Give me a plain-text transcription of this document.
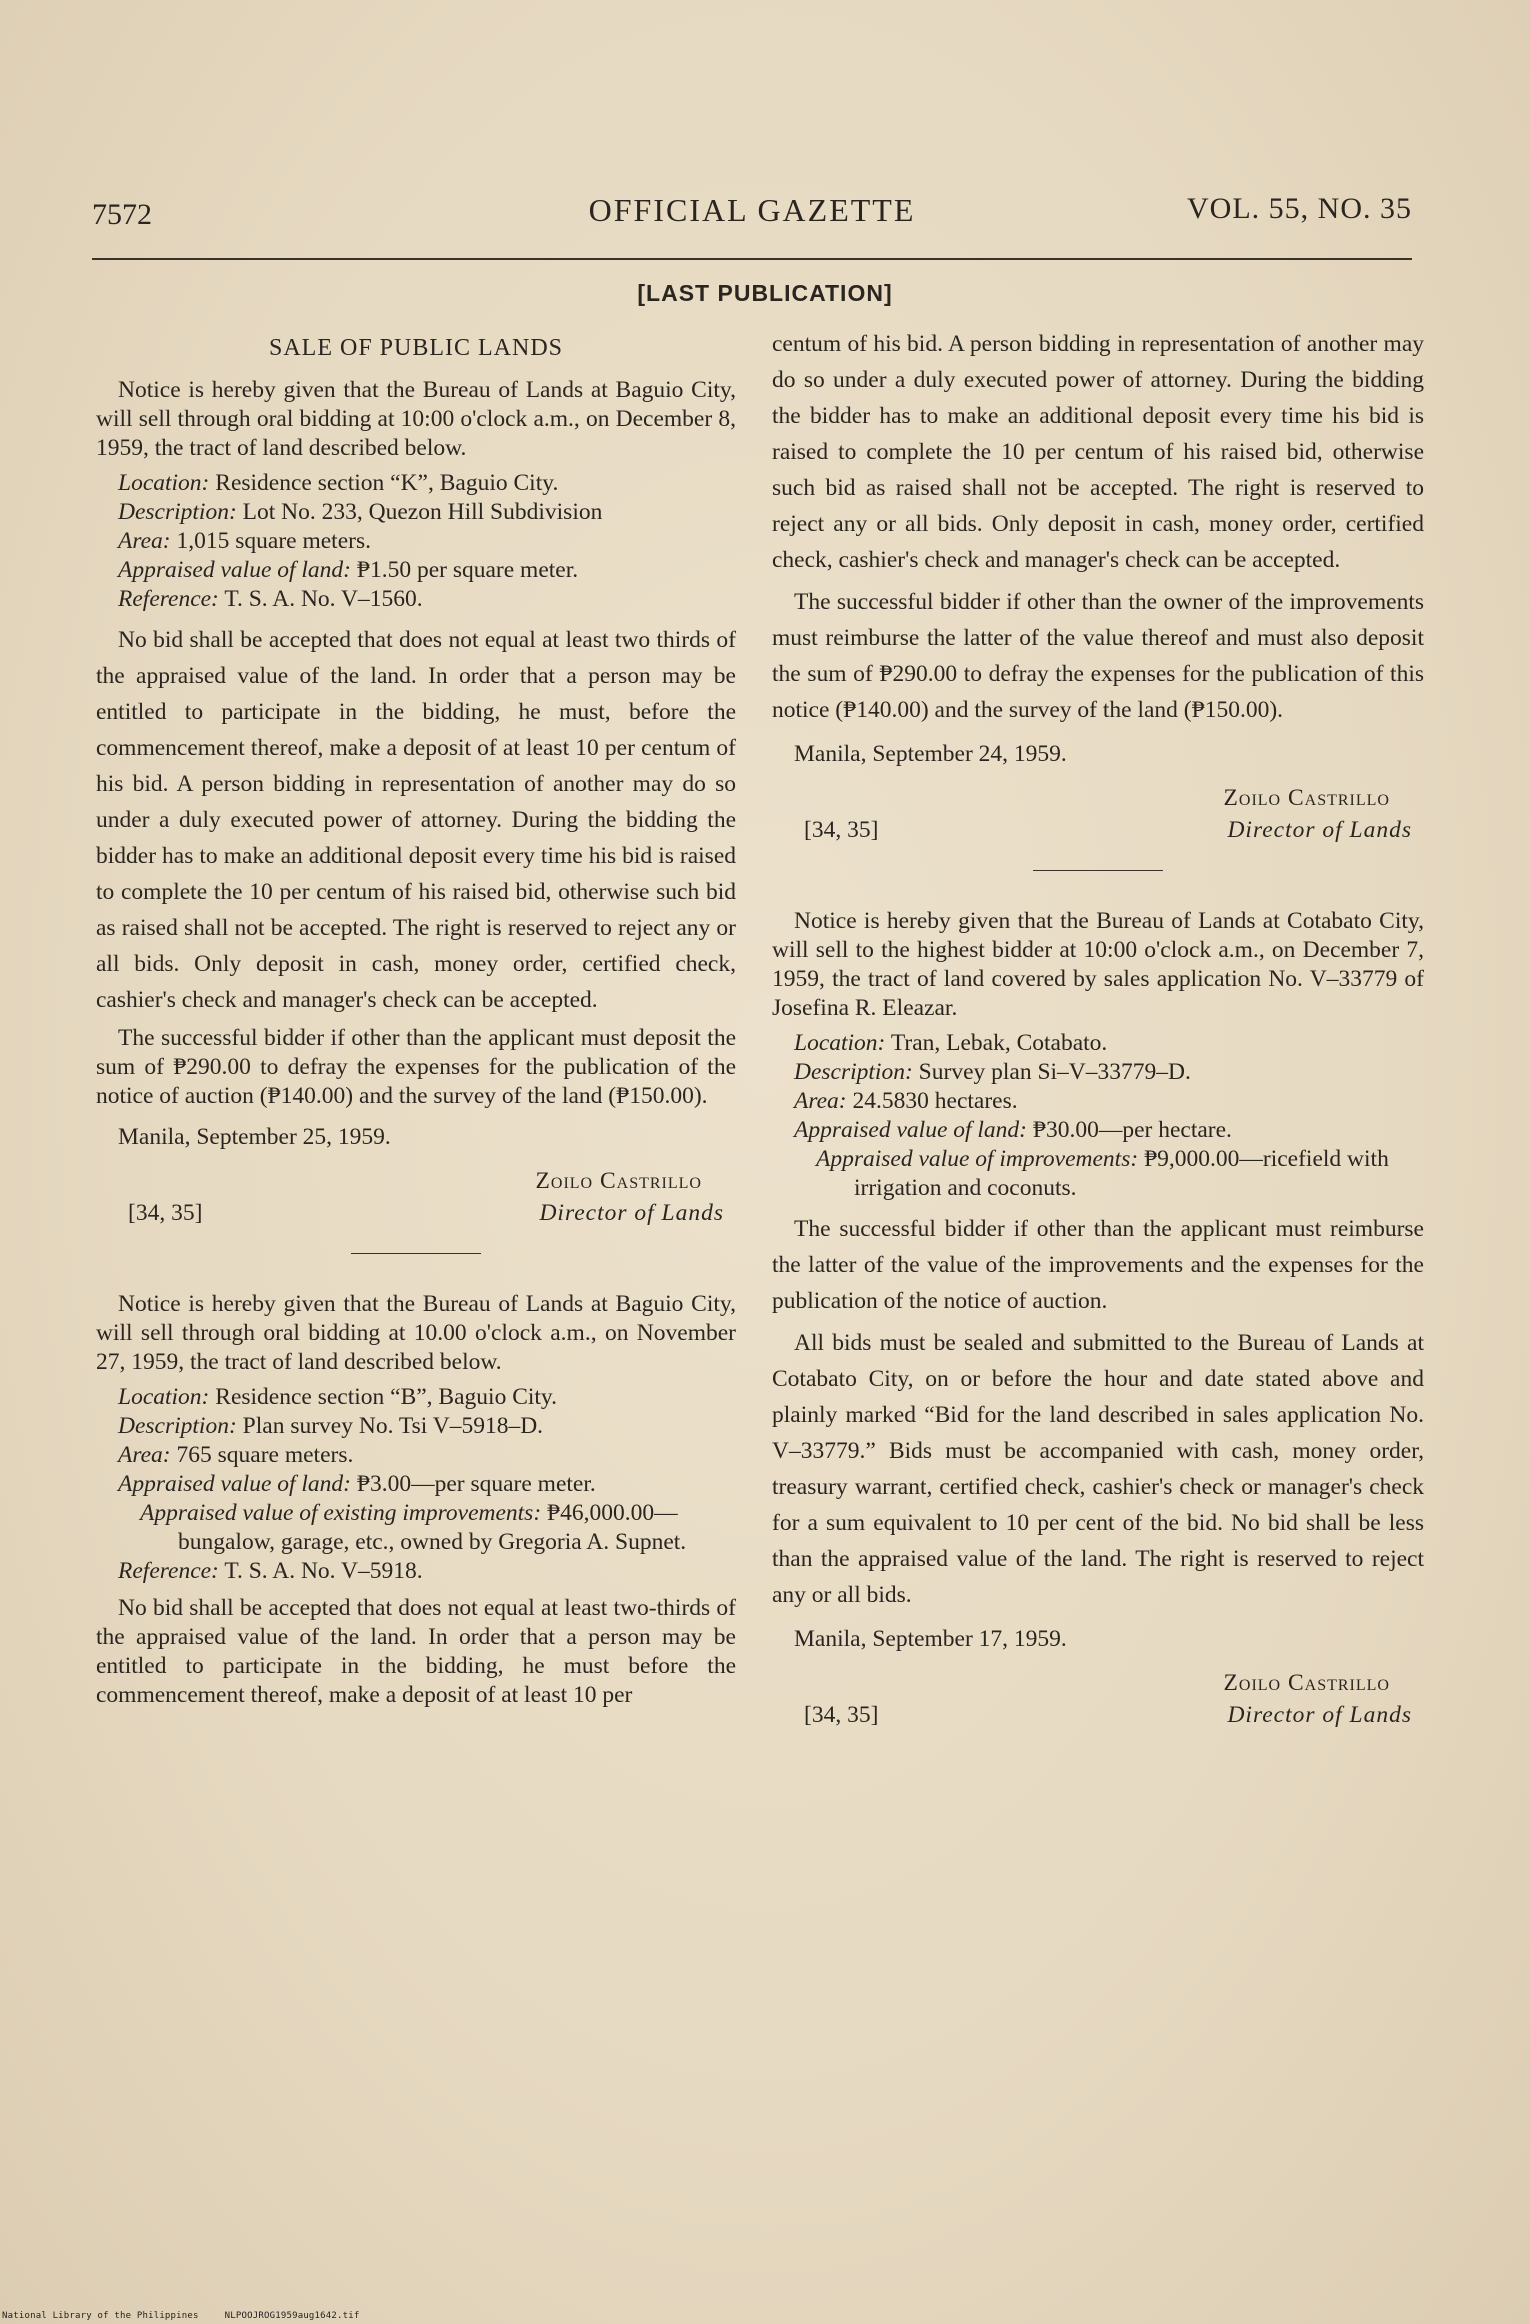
7572	OFFICIAL GAZETTE	VOL. 55, NO. 35
[LAST PUBLICATION]
SALE OF PUBLIC LANDS

Notice is hereby given that the Bureau of Lands at Baguio City, will sell through oral bidding at 10:00 o'clock a.m., on December 8, 1959, the tract of land described below.

Location: Residence section “K”, Baguio City.
Description: Lot No. 233, Quezon Hill Subdivision
Area: 1,015 square meters.
Appraised value of land: ₱1.50 per square meter.
Reference: T. S. A. No. V–1560.

No bid shall be accepted that does not equal at least two thirds of the appraised value of the land. In order that a person may be entitled to participate in the bidding, he must, before the commencement thereof, make a deposit of at least 10 per centum of his bid. A person bidding in representation of another may do so under a duly executed power of attorney. During the bidding the bidder has to make an additional deposit every time his bid is raised to complete the 10 per centum of his raised bid, otherwise such bid as raised shall not be accepted. The right is reserved to reject any or all bids. Only deposit in cash, money order, certified check, cashier's check and manager's check can be accepted.

The successful bidder if other than the applicant must deposit the sum of ₱290.00 to defray the expenses for the publication of the notice of auction (₱140.00) and the survey of the land (₱150.00).

Manila, September 25, 1959.
Zoilo Castrillo
[34, 35]	Director of Lands

Notice is hereby given that the Bureau of Lands at Baguio City, will sell through oral bidding at 10.00 o'clock a.m., on November 27, 1959, the tract of land described below.

Location: Residence section “B”, Baguio City.
Description: Plan survey No. Tsi V–5918–D.
Area: 765 square meters.
Appraised value of land: ₱3.00—per square meter.
Appraised value of existing improvements: ₱46,000.00—bungalow, garage, etc., owned by Gregoria A. Supnet.
Reference: T. S. A. No. V–5918.

No bid shall be accepted that does not equal at least two-thirds of the appraised value of the land. In order that a person may be entitled to participate in the bidding, he must before the commencement thereof, make a deposit of at least 10 per

centum of his bid. A person bidding in representation of another may do so under a duly executed power of attorney. During the bidding the bidder has to make an additional deposit every time his bid is raised to complete the 10 per centum of his raised bid, otherwise such bid as raised shall not be accepted. The right is reserved to reject any or all bids. Only deposit in cash, money order, certified check, cashier's check and manager's check can be accepted.

The successful bidder if other than the owner of the improvements must reimburse the latter of the value thereof and must also deposit the sum of ₱290.00 to defray the expenses for the publication of this notice (₱140.00) and the survey of the land (₱150.00).

Manila, September 24, 1959.
Zoilo Castrillo
[34, 35]	Director of Lands

Notice is hereby given that the Bureau of Lands at Cotabato City, will sell to the highest bidder at 10:00 o'clock a.m., on December 7, 1959, the tract of land covered by sales application No. V–33779 of Josefina R. Eleazar.

Location: Tran, Lebak, Cotabato.
Description: Survey plan Si–V–33779–D.
Area: 24.5830 hectares.
Appraised value of land: ₱30.00—per hectare.
Appraised value of improvements: ₱9,000.00—ricefield with irrigation and coconuts.

The successful bidder if other than the applicant must reimburse the latter of the value of the improvements and the expenses for the publication of the notice of auction.

All bids must be sealed and submitted to the Bureau of Lands at Cotabato City, on or before the hour and date stated above and plainly marked “Bid for the land described in sales application No. V–33779.” Bids must be accompanied with cash, money order, treasury warrant, certified check, cashier's check or manager's check for a sum equivalent to 10 per cent of the bid. No bid shall be less than the appraised value of the land. The right is reserved to reject any or all bids.

Manila, September 17, 1959.
Zoilo Castrillo
[34, 35]	Director of Lands
National Library of the Philippines	NLPOOJROG1959aug1642.tif
